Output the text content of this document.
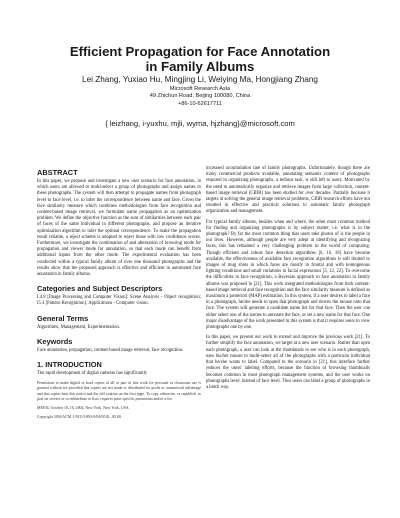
Efficient Propagation for Face Annotation
in Family Albums
Lei Zhang, Yuxiao Hu, Mingjing Li, Weiying Ma, Hongjiang Zhang
Microsoft Research Asia
49 Zhichun Road, Beijing 100080, China
+86-10-62617711
{ leizhang, i-yuxhu, mjli, wyma, hjzhang}@microsoft.com
ABSTRACT

In this paper, we propose and investigate a new user scenario for face annotation, in which users are allowed to multi-select a group of photographs and assign names to these photographs. The system will then attempt to propagate names from photograph level to face level, i.e. to infer the correspondence between name and face. Given the face similarity measure which combines methodologies from face recognition and content-based image retrieval, we formulate name propagation as an optimization problem. We define the objective function as the sum of similarities between each pair of faces of the same individual in different photographs, and propose an iterative optimization algorithm to infer the optimal correspondence. To make the propagation result reliable, a reject scheme is adopted to reject those with low confidence scores. Furthermore, we investigate the combination of and alternation of browsing mode for propagation and viewer mode for annotation, so that each mode can benefit from additional inputs from the other mode. The experimental evaluation has been conducted within a typical family album of over one thousand photographs and the results show that the proposed approach is effective and efficient in automated face annotation in family albums.

Categories and Subject Descriptors

I.4.8 [Image Processing and Computer Vision]: Scene Analysis - Object recognition; I5.4 [Pattern Recognition]: Applications - Computer vision.

General Terms

Algorithms, Management, Experimentation.

Keywords

Face annotation, propagation, content-based image retrieval, face recognition.

1. INTRODUCTION

The rapid development of digital cameras has significantly

Permission to make digital or hard copies of all or part of this work for personal or classroom use is granted without fee provided that copies are not made or distributed for profit or commercial advantage and that copies bear this notice and the full citation on the first page. To copy otherwise, or republish, to post on servers or to redistribute to lists, requires prior specific permission and/or a fee.

MM'04, October 10–16, 2004, New York, New York, USA.

Copyright 2004 ACM 1-58113-893-8/04/0010...$5.00.

increased accumulation rate of family photographs. Unfortunately, though there are many commercial products available, annotating semantic content of photographs required in organizing photographs, a tedious task, is still left to users. Motivated by the need to automatically organize and retrieve images from large collection, content-based image retrieval (CBIR) has been studied for over decades. Partially because it targets at solving the general image retrieval problems, CBIR research efforts have not resulted in effective and practical solutions to automatic family photograph organization and management.

For typical family albums, besides when and where, the other most common method for finding and organizing photographs is by subject matter, i.e. what is in the photograph? By far the most common thing that users take photos of is the people in our lives. However, although people are very adept at identifying and recognizing faces, this has remained a very challenging problem in the world of computing. Though efficient and robust face detection algorithms [6, 16, 18] have become available, the effectiveness of available face recognition algorithms is still limited to images of mug shots in which faces are mostly in frontal and with homogenous lighting conditions and small variations in facial expressions [3, 12, 22]. To overcome the difficulties in face recognition, a Bayesian approach to face annotation in family albums was proposed in [21]. This work integrated methodologies from both content-based image retrieval and face recognition and the face similarity measure is defined as maximum a posteriori (MAP) estimation. In this system, if a user desires to label a face in a photograph, he/she needs to open that photograph and moves the mouse onto that face. The system will generate a candidate name list for that face. Then the user can either select one of the names to annotate the face, or set a new name for that face. One major disadvantage of the work presented in this system is that it requires users to view photographs one by one.

In this paper, we present our work to extend and improve the previous work [21]. To further simplify the face annotation, we target at a new user scenario. Rather than open each photograph, a user can look at the thumbnails to see who is in each photograph, uses his/her mouse to multi-select all of the photographs with a particular individual that he/she wants to label. Compared to the scenario in [21], this interface further reduces the users' labeling efforts, because the function of browsing thumbnails becomes common in most photograph management systems, and the user works on photographs level, instead of face level. Thus users can label a group of photographs in a batch way.
